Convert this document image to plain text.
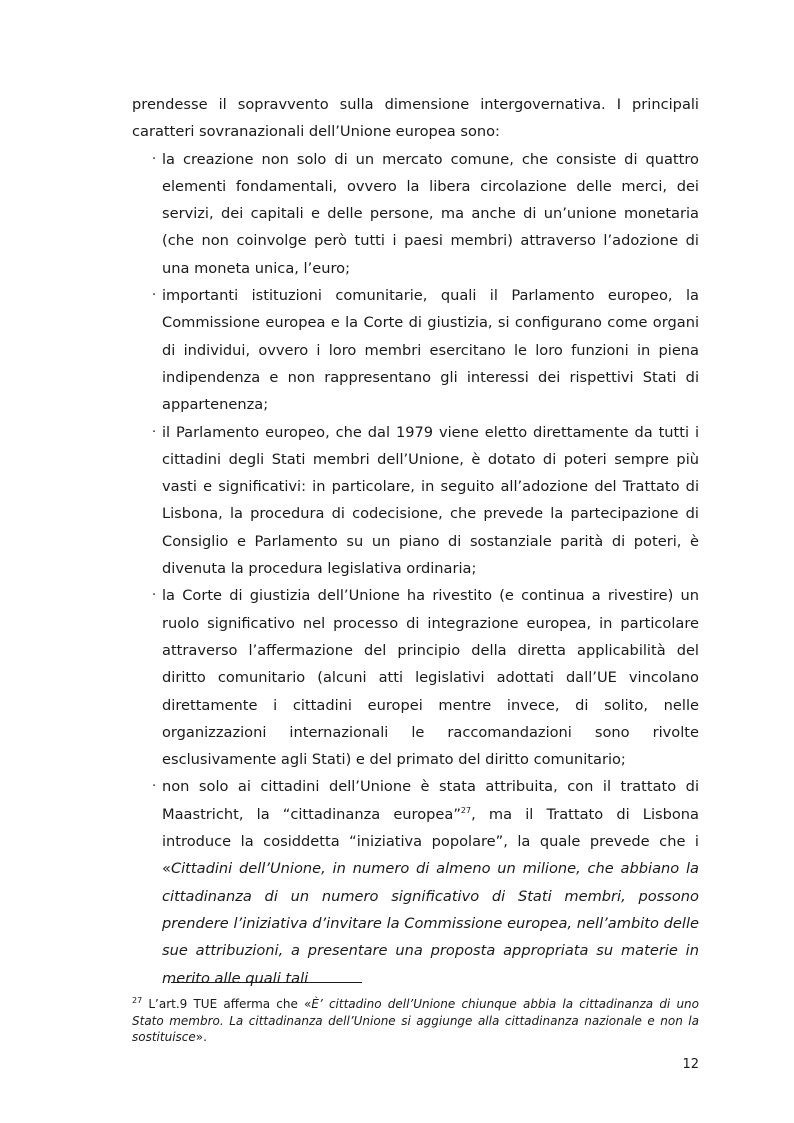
prendesse il sopravvento sulla dimensione intergovernativa. I principali caratteri sovranazionali dell’Unione europea sono:

· la creazione non solo di un mercato comune, che consiste di quattro elementi fondamentali, ovvero la libera circolazione delle merci, dei servizi, dei capitali e delle persone, ma anche di un’unione monetaria (che non coinvolge però tutti i paesi membri) attraverso l’adozione di una moneta unica, l’euro;
· importanti istituzioni comunitarie, quali il Parlamento europeo, la Commissione europea e la Corte di giustizia, si configurano come organi di individui, ovvero i loro membri esercitano le loro funzioni in piena indipendenza e non rappresentano gli interessi dei rispettivi Stati di appartenenza;
· il Parlamento europeo, che dal 1979 viene eletto direttamente da tutti i cittadini degli Stati membri dell’Unione, è dotato di poteri sempre più vasti e significativi: in particolare, in seguito all’adozione del Trattato di Lisbona, la procedura di codecisione, che prevede la partecipazione di Consiglio e Parlamento su un piano di sostanziale parità di poteri, è divenuta la procedura legislativa ordinaria;
· la Corte di giustizia dell’Unione ha rivestito (e continua a rivestire) un ruolo significativo nel processo di integrazione europea, in particolare attraverso l’affermazione del principio della diretta applicabilità del diritto comunitario (alcuni atti legislativi adottati dall’UE vincolano direttamente i cittadini europei mentre invece, di solito, nelle organizzazioni internazionali le raccomandazioni sono rivolte esclusivamente agli Stati) e del primato del diritto comunitario;
· non solo ai cittadini dell’Unione è stata attribuita, con il trattato di Maastricht, la “cittadinanza europea”$^{27}$, ma il Trattato di Lisbona introduce la cosiddetta “iniziativa popolare”, la quale prevede che i «Cittadini dell’Unione, in numero di almeno un milione, che abbiano la cittadinanza di un numero significativo di Stati membri, possono prendere l’iniziativa d’invitare la Commissione europea, nell’ambito delle sue attribuzioni, a presentare una proposta appropriata su materie in merito alle quali tali
$^{27}$ L’art.9 TUE afferma che «È’ cittadino dell’Unione chiunque abbia la cittadinanza di uno Stato membro. La cittadinanza dell’Unione si aggiunge alla cittadinanza nazionale e non la sostituisce».
12
